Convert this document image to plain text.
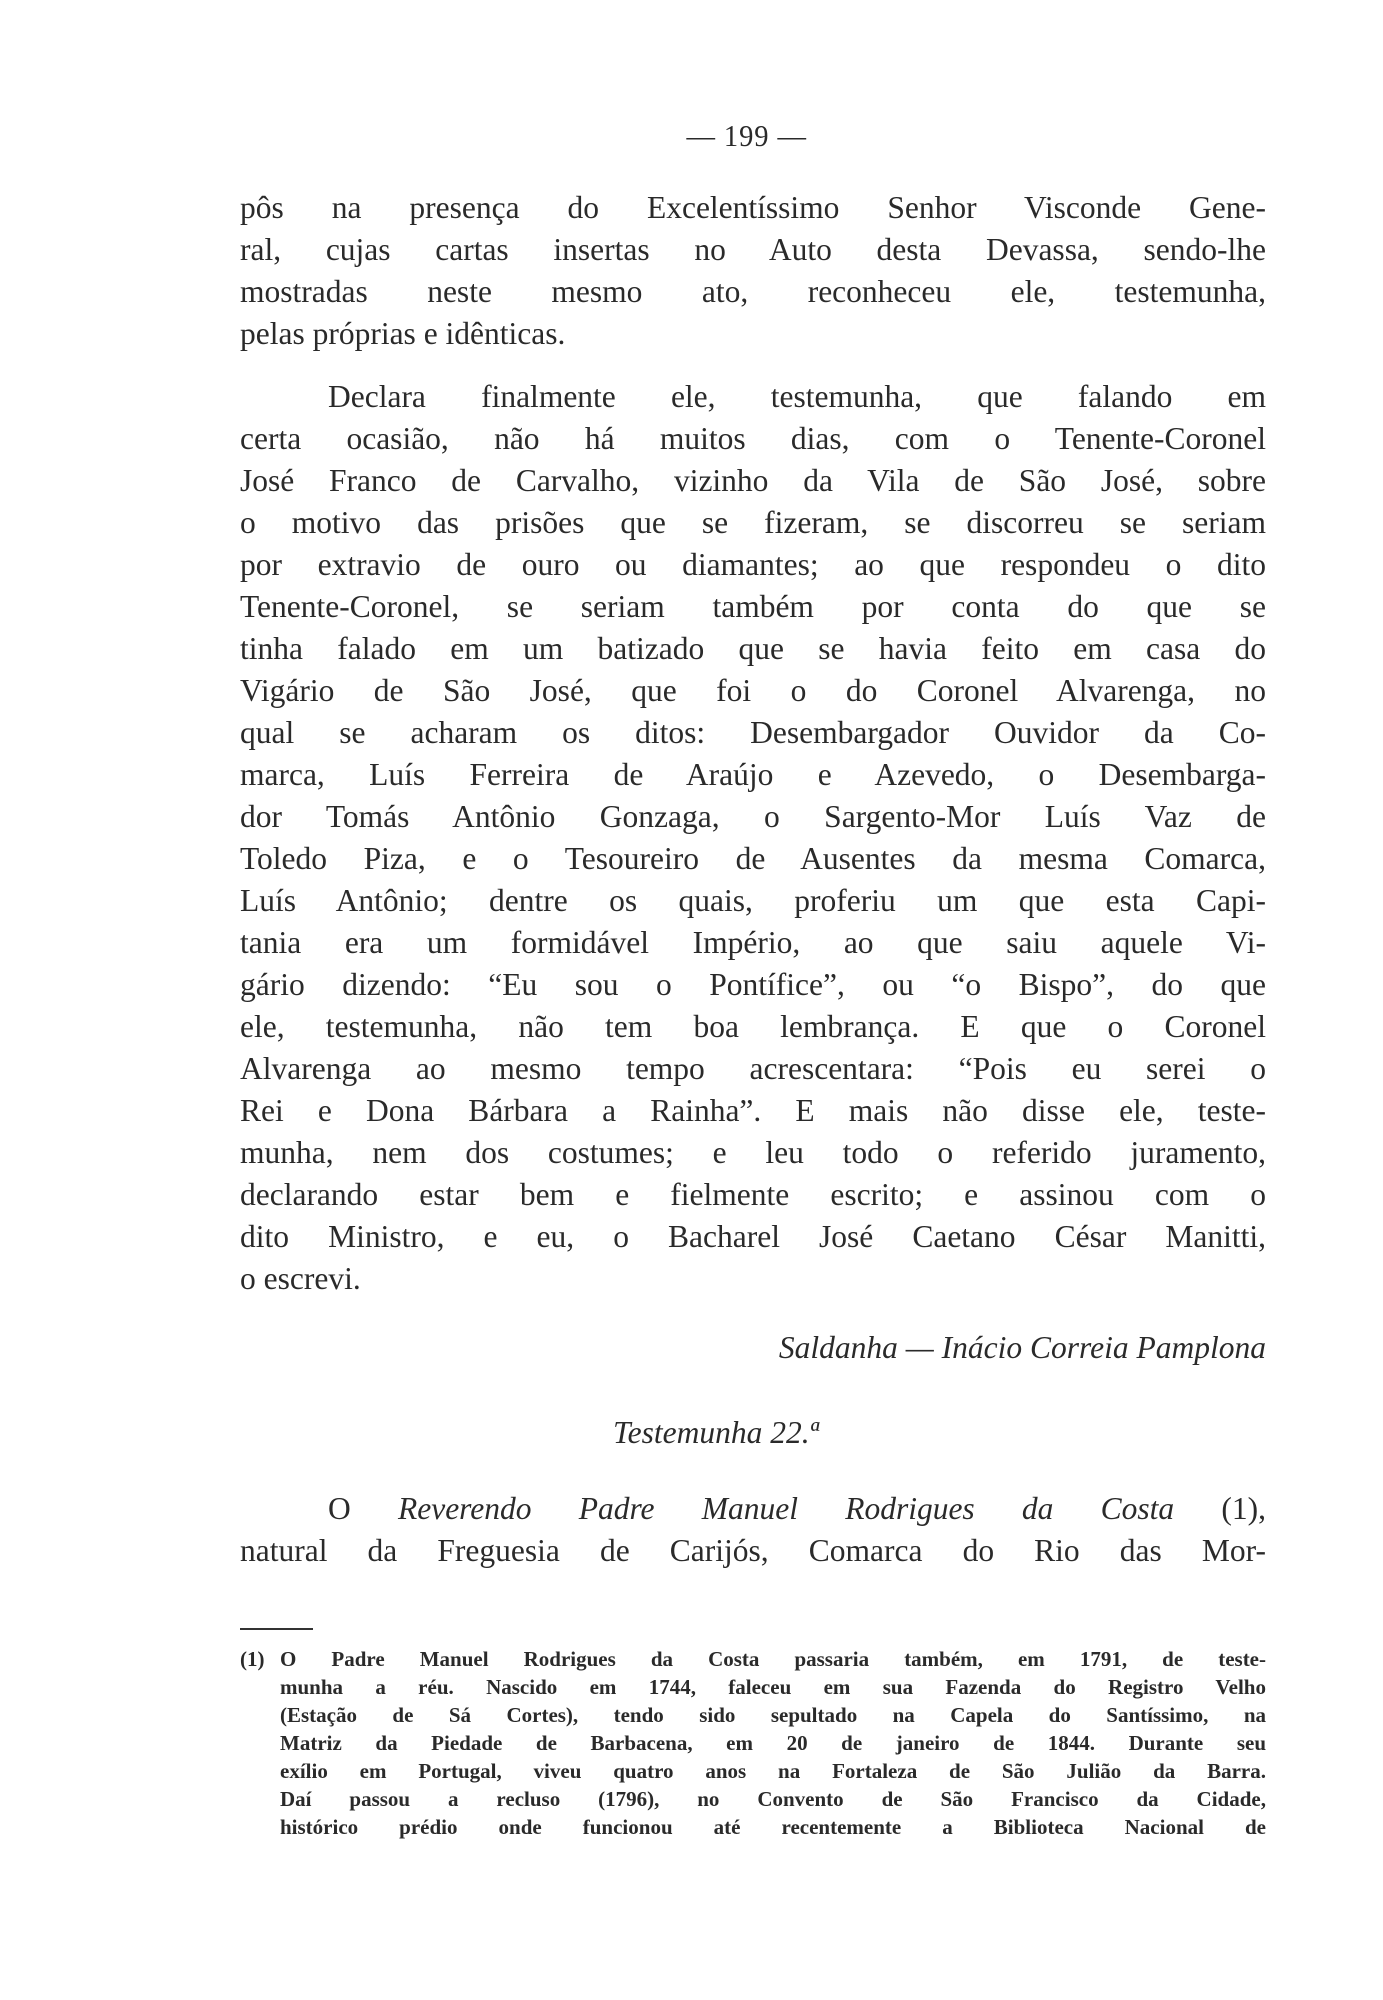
— 199 —
pôs na presença do Excelentíssimo Senhor Visconde Gene-
ral, cujas cartas insertas no Auto desta Devassa, sendo-lhe
mostradas neste mesmo ato, reconheceu ele, testemunha,
pelas próprias e idênticas.
Declara finalmente ele, testemunha, que falando em
certa ocasião, não há muitos dias, com o Tenente-Coronel
José Franco de Carvalho, vizinho da Vila de São José, sobre
o motivo das prisões que se fizeram, se discorreu se seriam
por extravio de ouro ou diamantes; ao que respondeu o dito
Tenente-Coronel, se seriam também por conta do que se
tinha falado em um batizado que se havia feito em casa do
Vigário de São José, que foi o do Coronel Alvarenga, no
qual se acharam os ditos: Desembargador Ouvidor da Co-
marca, Luís Ferreira de Araújo e Azevedo, o Desembarga-
dor Tomás Antônio Gonzaga, o Sargento-Mor Luís Vaz de
Toledo Piza, e o Tesoureiro de Ausentes da mesma Comarca,
Luís Antônio; dentre os quais, proferiu um que esta Capi-
tania era um formidável Império, ao que saiu aquele Vi-
gário dizendo: “Eu sou o Pontífice”, ou “o Bispo”, do que
ele, testemunha, não tem boa lembrança. E que o Coronel
Alvarenga ao mesmo tempo acrescentara: “Pois eu serei o
Rei e Dona Bárbara a Rainha”. E mais não disse ele, teste-
munha, nem dos costumes; e leu todo o referido juramento,
declarando estar bem e fielmente escrito; e assinou com o
dito Ministro, e eu, o Bacharel José Caetano César Manitti,
o escrevi.
Saldanha — Inácio Correia Pamplona
Testemunha 22.ª
O Reverendo Padre Manuel Rodrigues da Costa (1),
natural da Freguesia de Carijós, Comarca do Rio das Mor-
(1) O Padre Manuel Rodrigues da Costa passaria também, em 1791, de teste-
munha a réu. Nascido em 1744, faleceu em sua Fazenda do Registro Velho
(Estação de Sá Cortes), tendo sido sepultado na Capela do Santíssimo, na
Matriz da Piedade de Barbacena, em 20 de janeiro de 1844. Durante seu
exílio em Portugal, viveu quatro anos na Fortaleza de São Julião da Barra.
Daí passou a recluso (1796), no Convento de São Francisco da Cidade,
histórico prédio onde funcionou até recentemente a Biblioteca Nacional de
